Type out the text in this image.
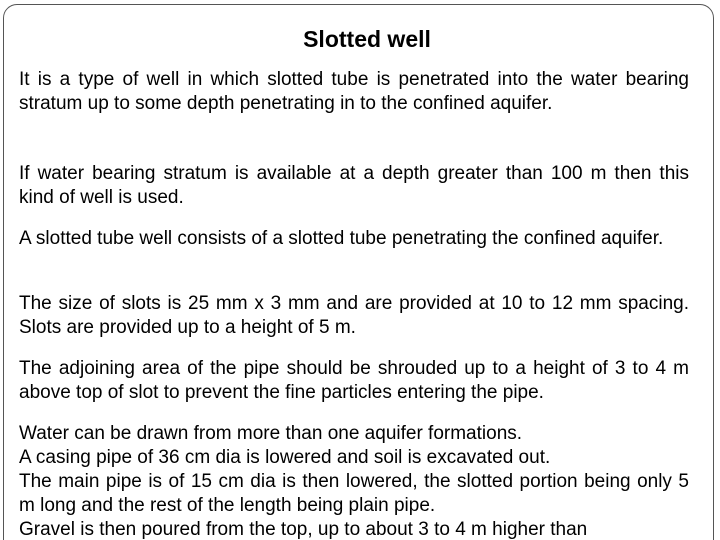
Slotted well

It is a type of well in which slotted tube is penetrated into the water bearing stratum up to some depth penetrating in to the confined aquifer.

If water bearing stratum is available at a depth greater than 100 m then this kind of well is used.

A slotted tube well consists of a slotted tube penetrating the confined aquifer.

The size of slots is 25 mm x 3 mm and are provided at 10 to 12 mm spacing. Slots are provided up to a height of 5 m.

The adjoining area of the pipe should be shrouded up to a height of 3 to 4 m above top of slot to prevent the fine particles entering the pipe.

Water can be drawn from more than one aquifer formations.
A casing pipe of 36 cm dia is lowered and soil is excavated out.
The main pipe is of 15 cm dia is then lowered, the slotted portion being only 5 m long and the rest of the length being plain pipe.
Gravel is then poured from the top, up to about 3 to 4 m higher than
